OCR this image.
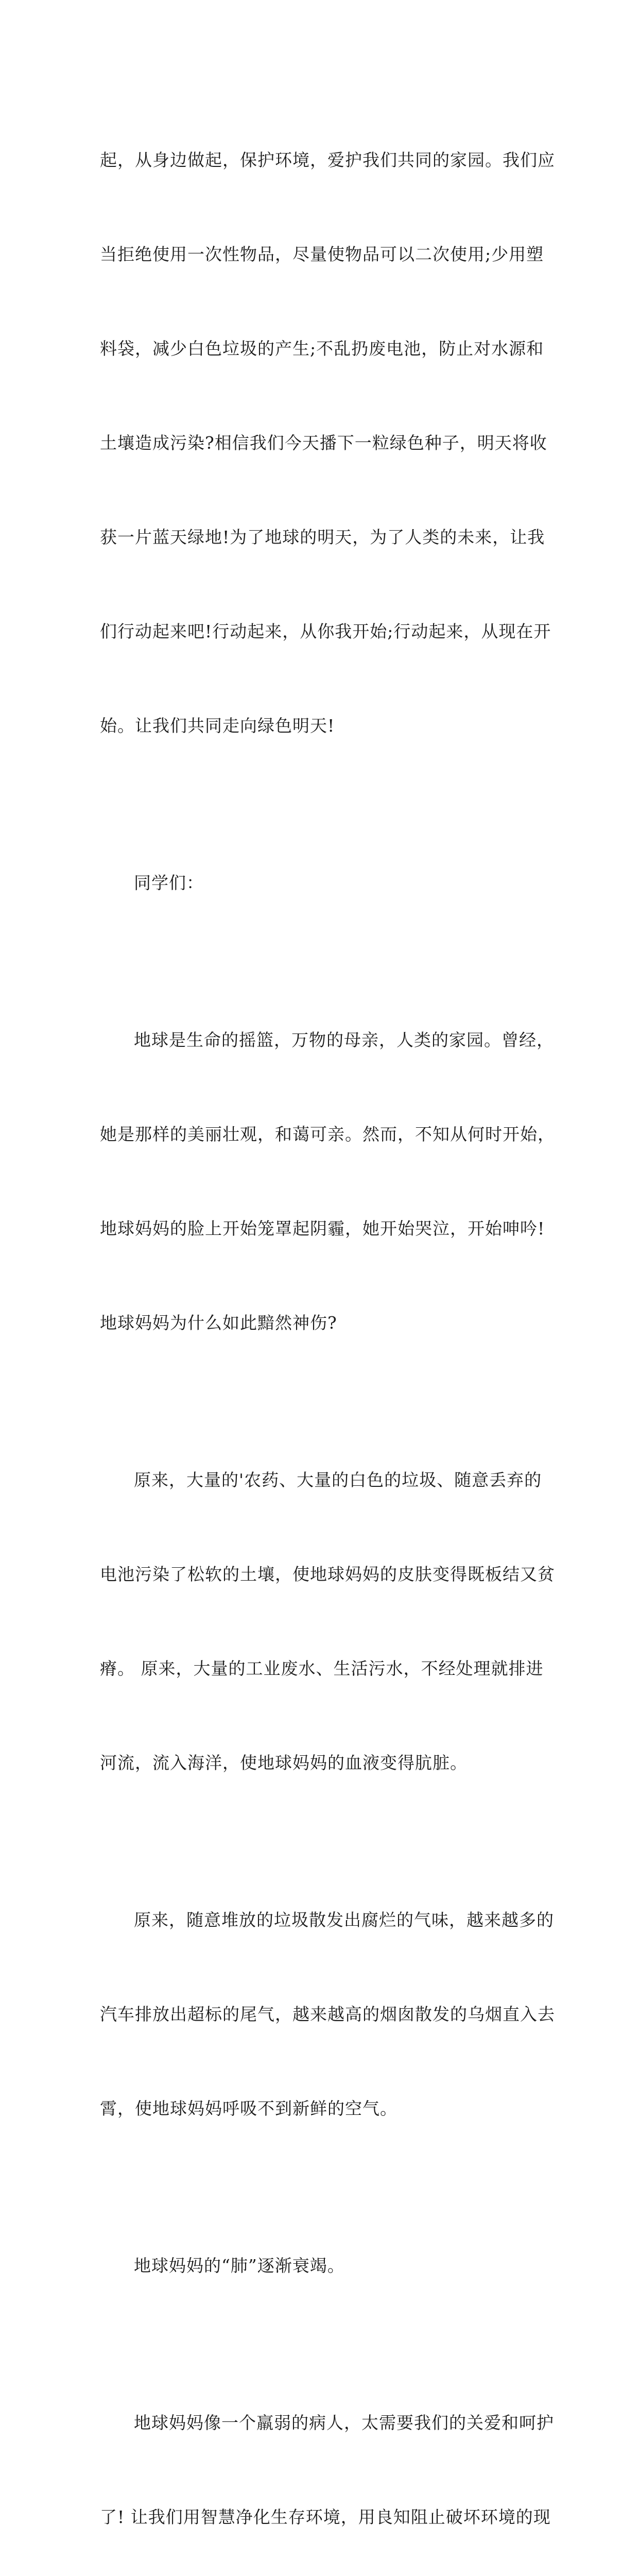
起，从身边做起，保护环境，爱护我们共同的家园。我们应

当拒绝使用一次性物品，尽量使物品可以二次使用;少用塑

料袋，减少白色垃圾的产生;不乱扔废电池，防止对水源和

土壤造成污染?相信我们今天播下一粒绿色种子，明天将收

获一片蓝天绿地!为了地球的明天，为了人类的未来，让我

们行动起来吧!行动起来，从你我开始;行动起来，从现在开

始。让我们共同走向绿色明天!

同学们：

地球是生命的摇篮，万物的母亲，人类的家园。曾经，

她是那样的美丽壮观，和蔼可亲。然而，不知从何时开始，

地球妈妈的脸上开始笼罩起阴霾，她开始哭泣，开始呻吟!

地球妈妈为什么如此黯然神伤?

原来，大量的'农药、大量的白色的垃圾、随意丢弃的

电池污染了松软的土壤，使地球妈妈的皮肤变得既板结又贫

瘠。 原来，大量的工业废水、生活污水，不经处理就排进

河流，流入海洋，使地球妈妈的血液变得肮脏。

原来，随意堆放的垃圾散发出腐烂的气味，越来越多的

汽车排放出超标的尾气，越来越高的烟囱散发的乌烟直入去

霄，使地球妈妈呼吸不到新鲜的空气。

地球妈妈的“肺”逐渐衰竭。

地球妈妈像一个羸弱的病人，太需要我们的关爱和呵护

了! 让我们用智慧净化生存环境，用良知阻止破坏环境的现
